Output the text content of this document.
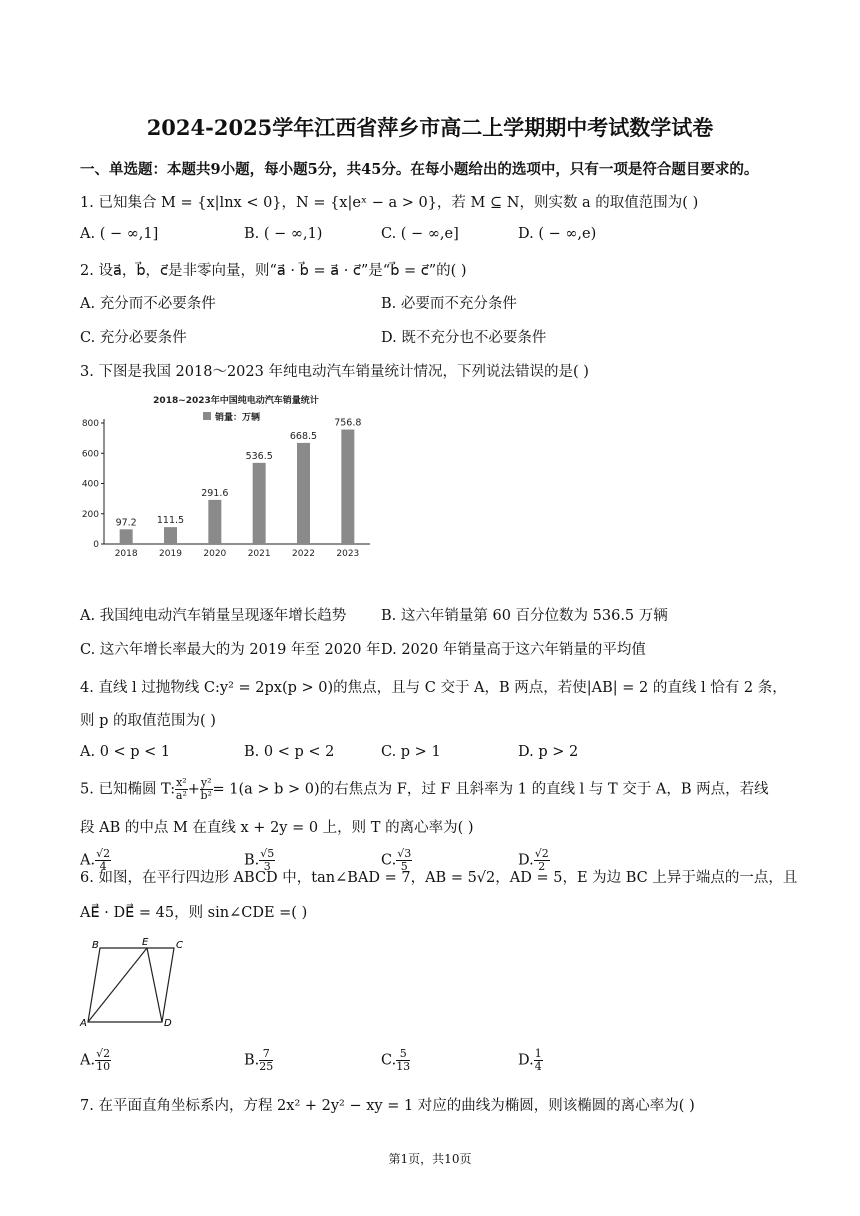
2024-2025学年江西省萍乡市高二上学期期中考试数学试卷
一、单选题：本题共9小题，每小题5分，共45分。在每小题给出的选项中，只有一项是符合题目要求的。
1. 已知集合 M = {x|lnx < 0}，N = {x|eˣ − a > 0}，若 M ⊆ N，则实数 a 的取值范围为( )
A. ( − ∞,1]	B. ( − ∞,1)	C. ( − ∞,e]	D. ( − ∞,e)
2. 设a⃗，b⃗，c⃗是非零向量，则“a⃗ · b⃗ = a⃗ · c⃗”是“b⃗ = c⃗”的( )
A. 充分而不必要条件	B. 必要而不充分条件
C. 充分必要条件	D. 既不充分也不必要条件
3. 下图是我国 2018～2023 年纯电动汽车销量统计情况，下列说法错误的是( )
2018~2023年中国纯电动汽车销量统计
销量：万辆
0
200
400
600
800
97.2
2018
111.5
2019
291.6
2020
536.5
2021
668.5
2022
756.8
2023
A. 我国纯电动汽车销量呈现逐年增长趋势 B. 这六年销量第 60 百分位数为 536.5 万辆
C. 这六年增长率最大的为 2019 年至 2020 年 D. 2020 年销量高于这六年销量的平均值
4. 直线 l 过抛物线 C:y² = 2px(p > 0)的焦点，且与 C 交于 A，B 两点，若使|AB| = 2 的直线 l 恰有 2 条，
则 p 的取值范围为( )
A. 0 < p < 1	B. 0 < p < 2	C. p > 1	D. p > 2
5. 已知椭圆 T: $\frac{\text{x²}}{\text{a²}} + \frac{\text{y²}}{\text{b²}} = 1(a > b > 0)$的右焦点为 F，过 F 且斜率为 1 的直线 l 与 T 交于 A，B 两点，若线
段 AB 的中点 M 在直线 x + 2y = 0 上，则 T 的离心率为( )
A. $\frac{√2}{4}$	B. $\frac{√5}{3}$	C. $\frac{√3}{5}$	D. $\frac{√2}{2}$
6. 如图，在平行四边形 ABCD 中，tan∠BAD = 7，AB = 5√2，AD = 5，E 为边 BC 上异于端点的一点，且
AE⃗ · DE⃗ = 45，则 sin∠CDE =( )
B	E	C
A	D
A. $\frac{√2}{10}$	B. $\frac{7}{25}$	C. $\frac{5}{13}$	D. $\frac{1}{4}$
7. 在平面直角坐标系内，方程 2x² + 2y² − xy = 1 对应的曲线为椭圆，则该椭圆的离心率为( )
第1页，共10页
